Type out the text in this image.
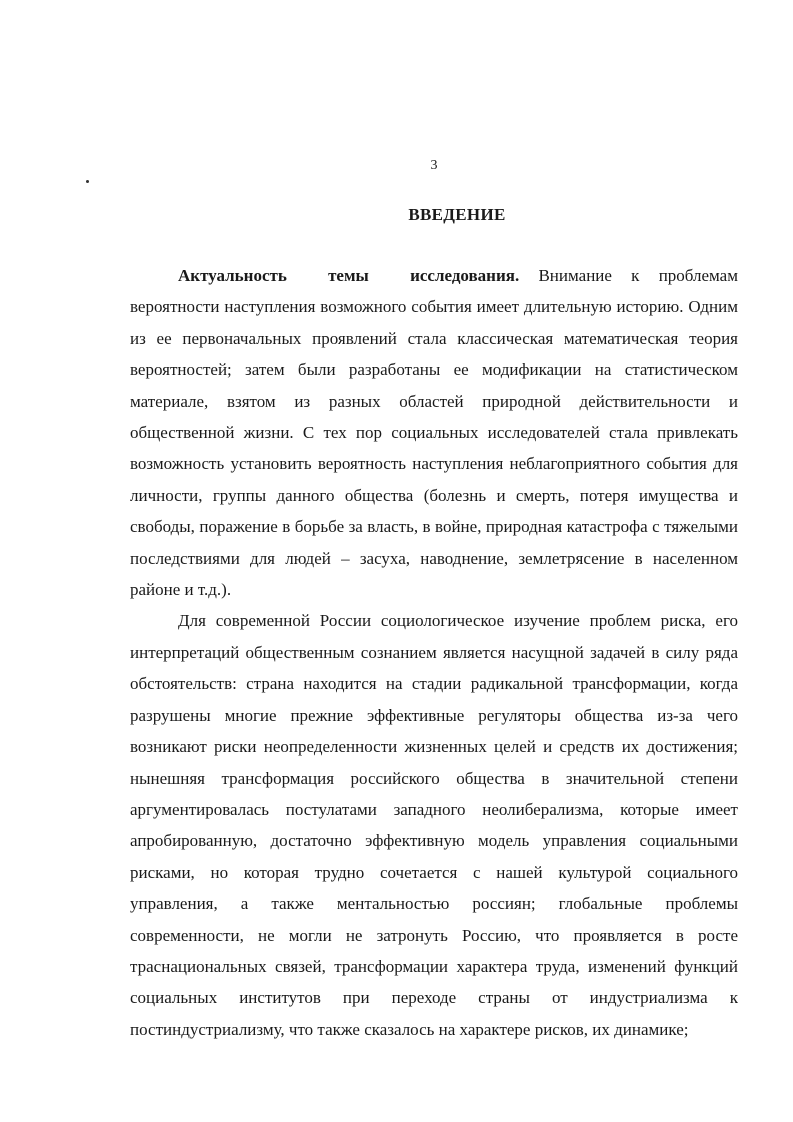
3
ВВЕДЕНИЕ

Актуальность темы исследования. Внимание к проблемам вероятности наступления возможного события имеет длительную историю. Одним из ее первоначальных проявлений стала классическая математическая теория вероятностей; затем были разработаны ее модификации на статистическом материале, взятом из разных областей природной действительности и общественной жизни. С тех пор социальных исследователей стала привлекать возможность установить вероятность наступления неблагоприятного события для личности, группы данного общества (болезнь и смерть, потеря имущества и свободы, поражение в борьбе за власть, в войне, природная катастрофа с тяжелыми последствиями для людей – засуха, наводнение, землетрясение в населенном районе и т.д.).

Для современной России социологическое изучение проблем риска, его интерпретаций общественным сознанием является насущной задачей в силу ряда обстоятельств: страна находится на стадии радикальной трансформации, когда разрушены многие прежние эффективные регуляторы общества из-за чего возникают риски неопределенности жизненных целей и средств их достижения; нынешняя трансформация российского общества в значительной степени аргументировалась постулатами западного неолиберализма, которые имеет апробированную, достаточно эффективную модель управления социальными рисками, но которая трудно сочетается с нашей культурой социального управления, а также ментальностью россиян; глобальные проблемы современности, не могли не затронуть Россию, что проявляется в росте трaснациональных связей, трансформации характера труда, изменений функций социальных институтов при переходе страны от индустриализма к постиндустриализму, что также сказалось на характере рисков, их динамике;
